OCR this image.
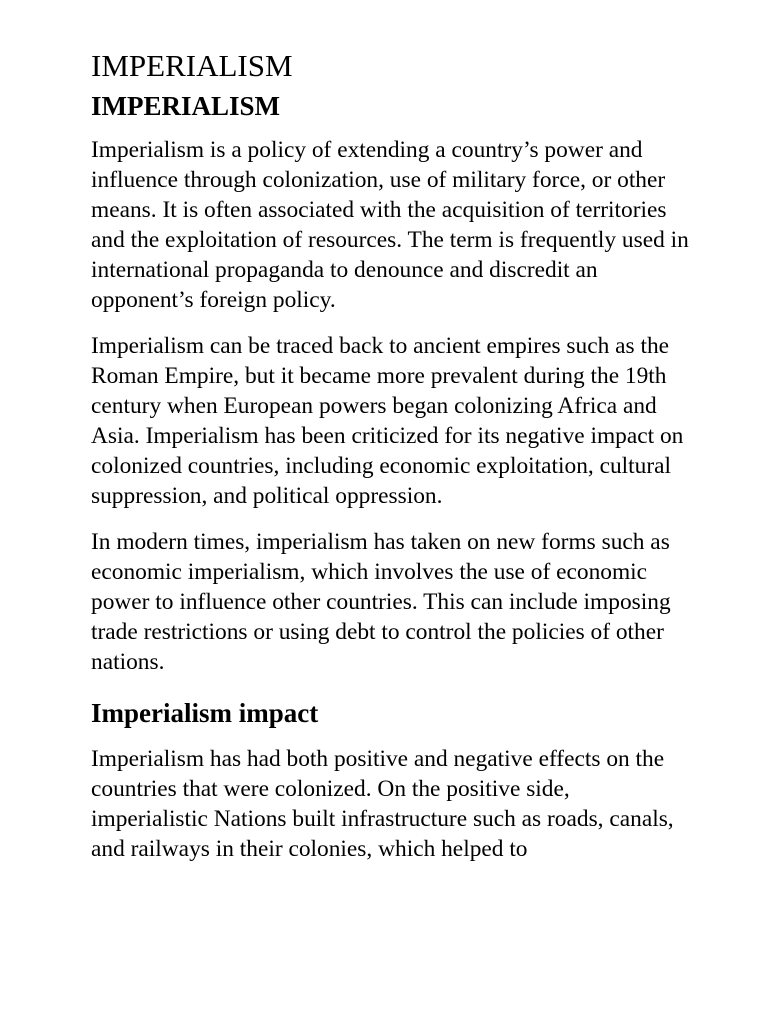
IMPERIALISM
IMPERIALISM

Imperialism is a policy of extending a country’s power and influence through colonization, use of military force, or other means. It is often associated with the acquisition of territories and the exploitation of resources. The term is frequently used in international propaganda to denounce and discredit an opponent’s foreign policy.

Imperialism can be traced back to ancient empires such as the Roman Empire, but it became more prevalent during the 19th century when European powers began colonizing Africa and Asia. Imperialism has been criticized for its negative impact on colonized countries, including economic exploitation, cultural suppression, and political oppression.

In modern times, imperialism has taken on new forms such as economic imperialism, which involves the use of economic power to influence other countries. This can include imposing trade restrictions or using debt to control the policies of other nations.

Imperialism impact

Imperialism has had both positive and negative effects on the countries that were colonized. On the positive side, imperialistic Nations built infrastructure such as roads, canals, and railways in their colonies, which helped to
